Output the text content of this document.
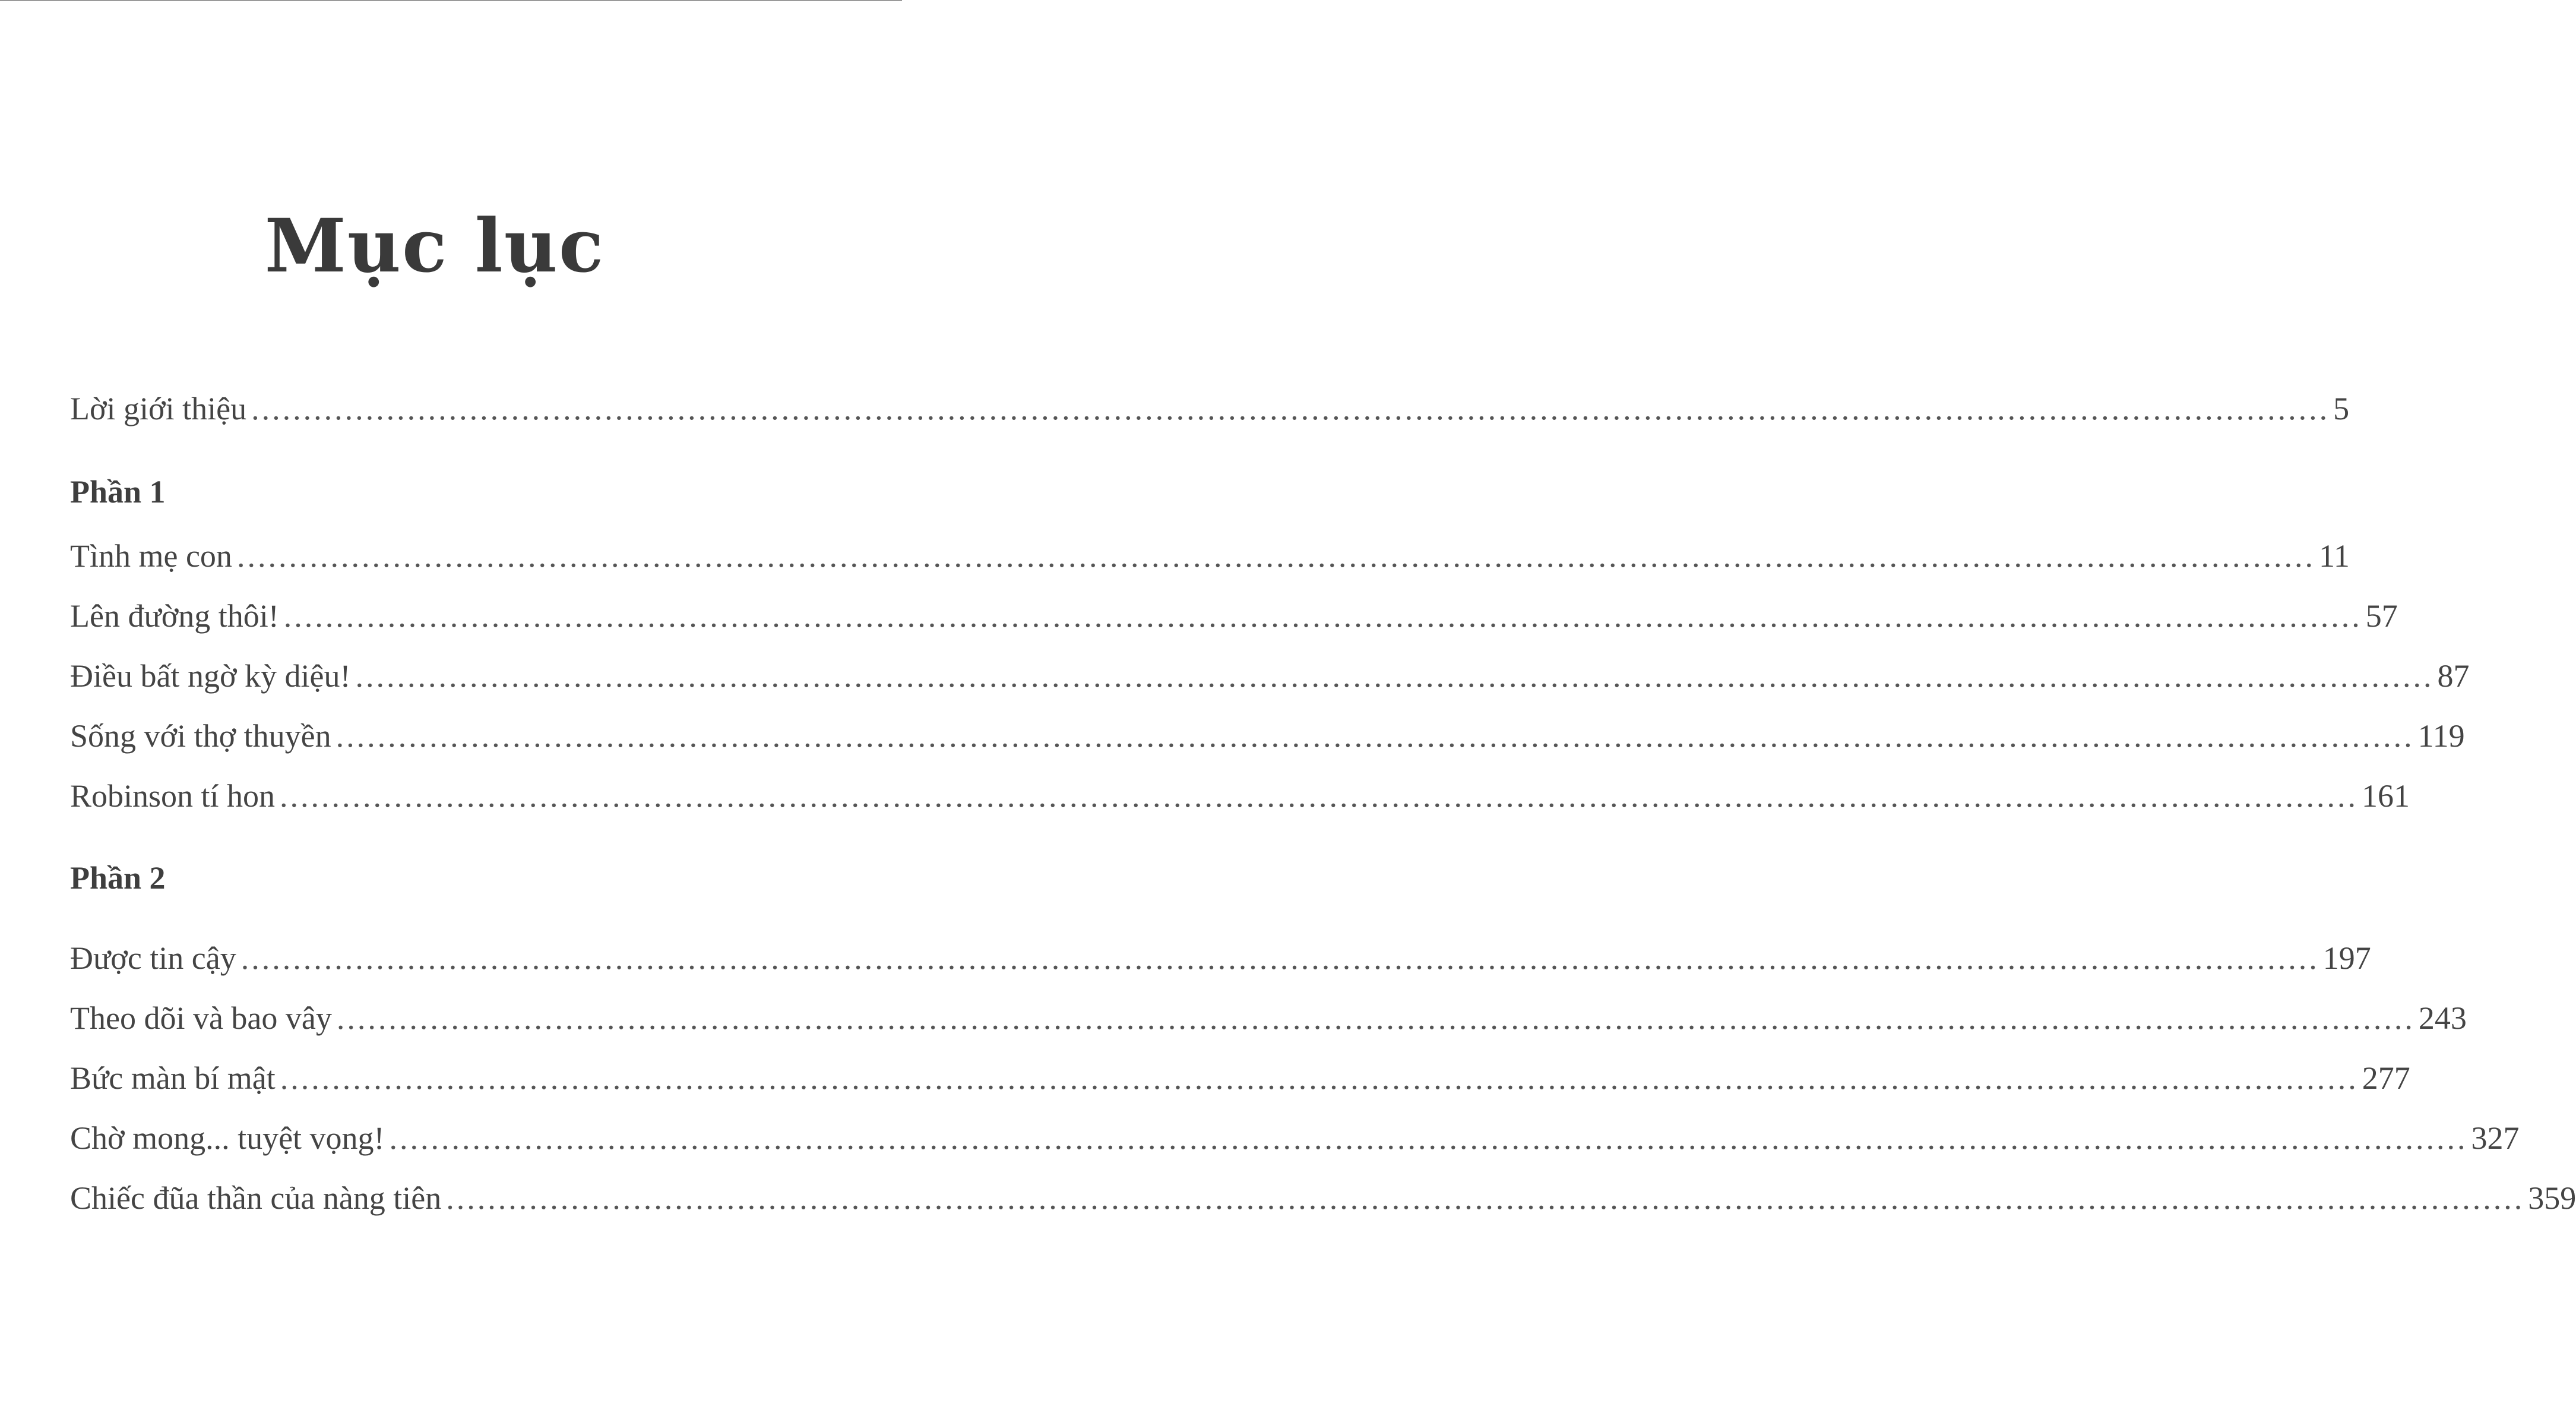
Mục lục
Lời giới thiệu ........................................................................................................................................................................................................ 5
Phần 1
Tình mẹ con ........................................................................................................................................................................................................ 11
Lên đường thôi! ........................................................................................................................................................................................................ 57
Điều bất ngờ kỳ diệu! ........................................................................................................................................................................................................ 87
Sống với thợ thuyền ........................................................................................................................................................................................................ 119
Robinson tí hon ........................................................................................................................................................................................................ 161
Phần 2
Được tin cậy ........................................................................................................................................................................................................ 197
Theo dõi và bao vây ........................................................................................................................................................................................................ 243
Bức màn bí mật ........................................................................................................................................................................................................ 277
Chờ mong... tuyệt vọng! ........................................................................................................................................................................................................ 327
Chiếc đũa thần của nàng tiên ........................................................................................................................................................................................................ 359
